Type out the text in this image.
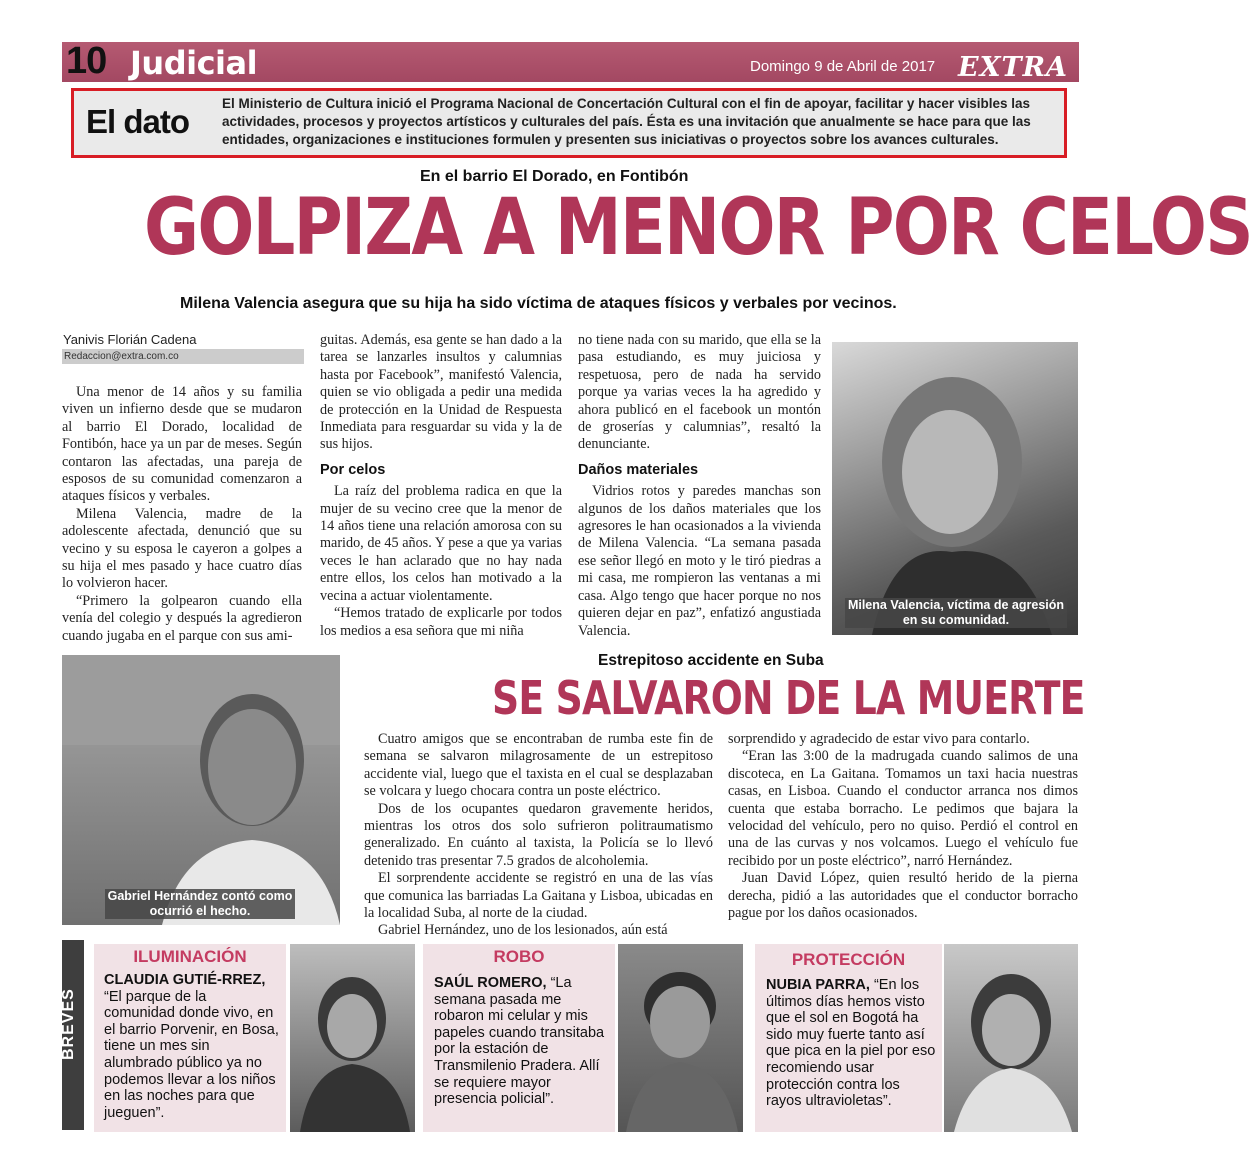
10 Judicial	Domingo 9 de Abril de 2017 EXTRA
El dato El Ministerio de Cultura inició el Programa Nacional de Concertación Cultural con el fin de apoyar, facilitar y hacer visibles las actividades, procesos y proyectos artísticos y culturales del país. Ésta es una invitación que anualmente se hace para que las entidades, organizaciones e instituciones formulen y presenten sus iniciativas o proyectos sobre los avances culturales.
En el barrio El Dorado, en Fontibón
GOLPIZA A MENOR POR CELOS
Milena Valencia asegura que su hija ha sido víctima de ataques físicos y verbales por vecinos.
Yanivis Florián Cadena
Redaccion@extra.com.co

Una menor de 14 años y su familia viven un infierno desde que se mudaron al barrio El Dorado, localidad de Fontibón, hace ya un par de meses. Según contaron las afectadas, una pareja de esposos de su comunidad comenzaron a ataques físicos y verbales.

Milena Valencia, madre de la adolescente afectada, denunció que su vecino y su esposa le cayeron a golpes a su hija el mes pasado y hace cuatro días lo volvieron hacer.

“Primero la golpearon cuando ella venía del colegio y después la agredieron cuando jugaba en el parque con sus ami-

guitas. Además, esa gente se han dado a la tarea se lanzarles insultos y calumnias hasta por Facebook”, manifestó Valencia, quien se vio obligada a pedir una medida de protección en la Unidad de Respuesta Inmediata para resguardar su vida y la de sus hijos.

Por celos

La raíz del problema radica en que la mujer de su vecino cree que la menor de 14 años tiene una relación amorosa con su marido, de 45 años. Y pese a que ya varias veces le han aclarado que no hay nada entre ellos, los celos han motivado a la vecina a actuar violentamente.

“Hemos tratado de explicarle por todos los medios a esa señora que mi niña

no tiene nada con su marido, que ella se la pasa estudiando, es muy juiciosa y respetuosa, pero de nada ha servido porque ya varias veces la ha agredido y ahora publicó en el facebook un montón de groserías y calumnias”, resaltó la denunciante.

Daños materiales

Vidrios rotos y paredes manchas son algunos de los daños materiales que los agresores le han ocasionados a la vivienda de Milena Valencia. “La semana pasada ese señor llegó en moto y le tiró piedras a mi casa, me rompieron las ventanas a mi casa. Algo tengo que hacer porque no nos quieren dejar en paz”, enfatizó angustiada Valencia.

Milena Valencia, víctima de agresión en su comunidad.
Gabriel Hernández contó como ocurrió el hecho.
Estrepitoso accidente en Suba
SE SALVARON DE LA MUERTE

Cuatro amigos que se encontraban de rumba este fin de semana se salvaron milagrosamente de un estrepitoso accidente vial, luego que el taxista en el cual se desplazaban se volcara y luego chocara contra un poste eléctrico.

Dos de los ocupantes quedaron gravemente heridos, mientras los otros dos solo sufrieron politraumatismo generalizado. En cuánto al taxista, la Policía se lo llevó detenido tras presentar 7.5 grados de alcoholemia.

El sorprendente accidente se registró en una de las vías que comunica las barriadas La Gaitana y Lisboa, ubicadas en la localidad Suba, al norte de la ciudad.

Gabriel Hernández, uno de los lesionados, aún está

sorprendido y agradecido de estar vivo para contarlo.

“Eran las 3:00 de la madrugada cuando salimos de una discoteca, en La Gaitana. Tomamos un taxi hacia nuestras casas, en Lisboa. Cuando el conductor arranca nos dimos cuenta que estaba borracho. Le pedimos que bajara la velocidad del vehículo, pero no quiso. Perdió el control en una de las curvas y nos volcamos. Luego el vehículo fue recibido por un poste eléctrico”, narró Hernández.

Juan David López, quien resultó herido de la pierna derecha, pidió a las autoridades que el conductor borracho pague por los daños ocasionados.

BREVES
ILUMINACIÓN
CLAUDIA GUTIÉ-RREZ, “El parque de la comunidad donde vivo, en el barrio Porvenir, en Bosa, tiene un mes sin alumbrado público ya no podemos llevar a los niños en las noches para que jueguen”.
ROBO
SAÚL ROMERO, “La semana pasada me robaron mi celular y mis papeles cuando transitaba por la estación de Transmilenio Pradera. Allí se requiere mayor presencia policial”.
PROTECCIÓN
NUBIA PARRA, “En los últimos días hemos visto que el sol en Bogotá ha sido muy fuerte tanto así que pica en la piel por eso recomiendo usar protección contra los rayos ultravioletas”.
